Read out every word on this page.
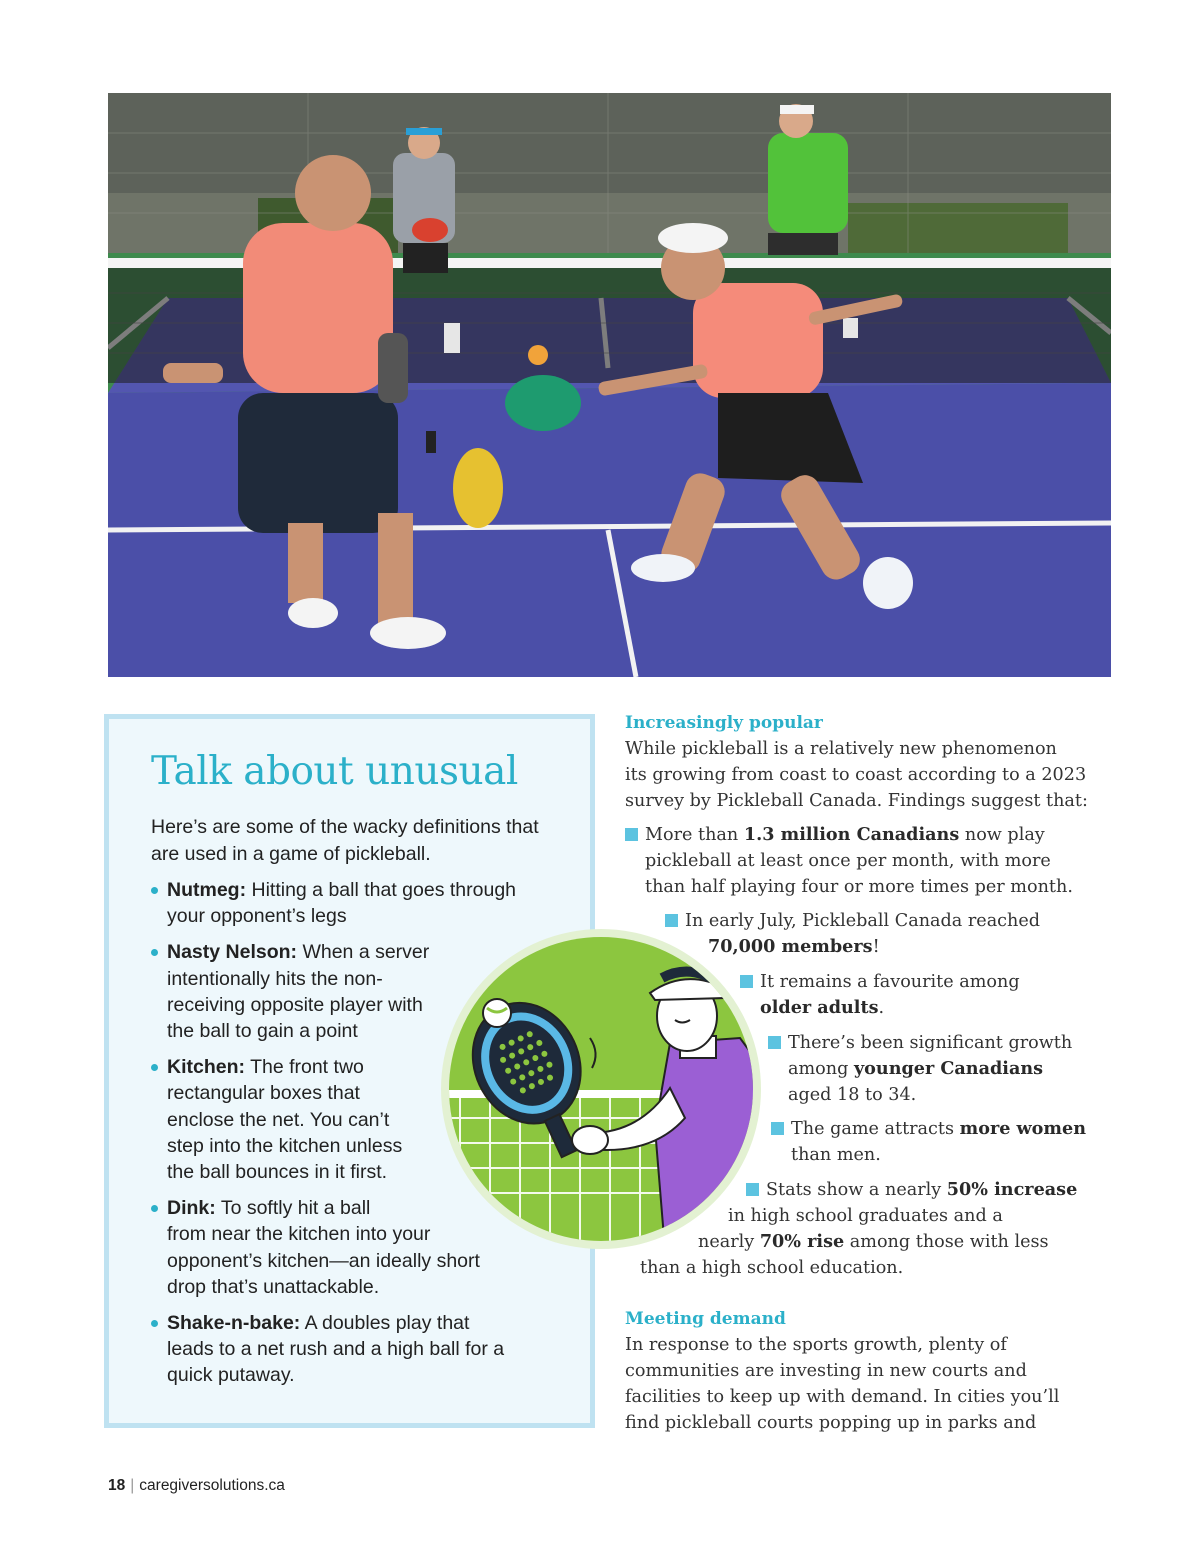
Talk about unusual

Here’s are some of the wacky definitions that are used in a game of pickleball.

Nutmeg: Hitting a ball that goes through
your opponent’s legs
Nasty Nelson: When a server
intentionally hits the non-
receiving opposite player with
the ball to gain a point
Kitchen: The front two
rectangular boxes that
enclose the net. You can’t
step into the kitchen unless
the ball bounces in it first.
Dink: To softly hit a ball
from near the kitchen into your
opponent’s kitchen—an ideally short
drop that’s unattackable.
Shake-n-bake: A doubles play that
leads to a net rush and a high ball for a
quick putaway.
Increasingly popular

While pickleball is a relatively new phenomenon
its growing from coast to coast according to a 2023
survey by Pickleball Canada. Findings suggest that:

More than 1.3 million Canadians now play
pickleball at least once per month, with more
than half playing four or more times per month.

In early July, Pickleball Canada reached
70,000 members!

It remains a favourite among
older adults.

There’s been significant growth
among younger Canadians
aged 18 to 34.

The game attracts more women
than men.

Stats show a nearly 50% increase
in high school graduates and a
nearly 70% rise among those with less
than a high school education.

Meeting demand

In response to the sports growth, plenty of
communities are investing in new courts and
facilities to keep up with demand. In cities you’ll
find pickleball courts popping up in parks and

18 | caregiversolutions.ca
